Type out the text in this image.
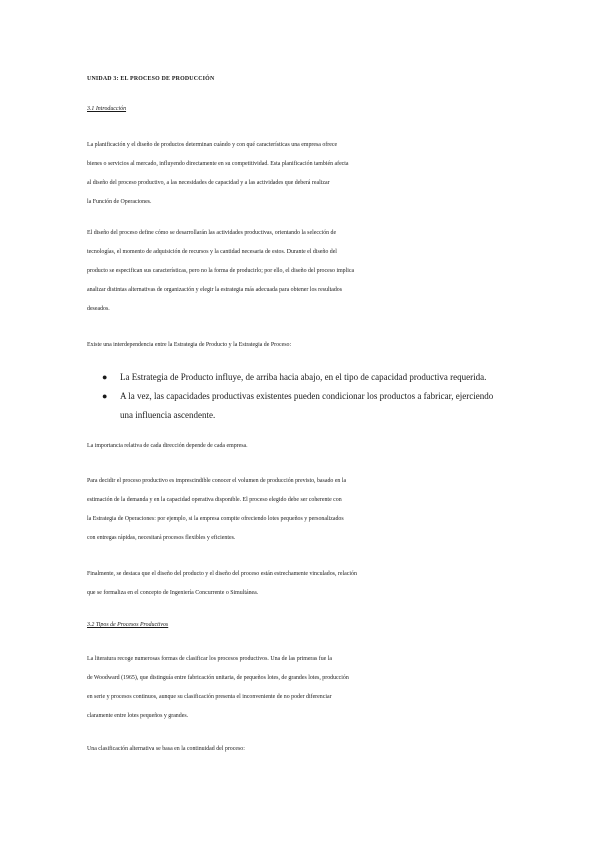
UNIDAD 3: EL PROCESO DE PRODUCCIÓN
3.1 Introducción
La planificación y el diseño de productos determinan cuándo y con qué características una empresa ofrece
bienes o servicios al mercado, influyendo directamente en su competitividad. Esta planificación también afecta
al diseño del proceso productivo, a las necesidades de capacidad y a las actividades que deberá realizar
la Función de Operaciones.
El diseño del proceso define cómo se desarrollarán las actividades productivas, orientando la selección de
tecnologías, el momento de adquisición de recursos y la cantidad necesaria de estos. Durante el diseño del
producto se especifican sus características, pero no la forma de producirlo; por ello, el diseño del proceso implica
analizar distintas alternativas de organización y elegir la estrategia más adecuada para obtener los resultados
deseados.
Existe una interdependencia entre la Estrategia de Producto y la Estrategia de Proceso:
● La Estrategia de Producto influye, de arriba hacia abajo, en el tipo de capacidad productiva requerida.
● A la vez, las capacidades productivas existentes pueden condicionar los productos a fabricar, ejerciendo
una influencia ascendente.
La importancia relativa de cada dirección depende de cada empresa.
Para decidir el proceso productivo es imprescindible conocer el volumen de producción previsto, basado en la
estimación de la demanda y en la capacidad operativa disponible. El proceso elegido debe ser coherente con
la Estrategia de Operaciones: por ejemplo, si la empresa compite ofreciendo lotes pequeños y personalizados
con entregas rápidas, necesitará procesos flexibles y eficientes.
Finalmente, se destaca que el diseño del producto y el diseño del proceso están estrechamente vinculados, relación
que se formaliza en el concepto de Ingeniería Concurrente o Simultánea.
3.2 Tipos de Procesos Productivos
La literatura recoge numerosas formas de clasificar los procesos productivos. Una de las primeras fue la
de Woodward (1965), que distinguía entre fabricación unitaria, de pequeños lotes, de grandes lotes, producción
en serie y procesos continuos, aunque su clasificación presenta el inconveniente de no poder diferenciar
claramente entre lotes pequeños y grandes.
Una clasificación alternativa se basa en la continuidad del proceso:
